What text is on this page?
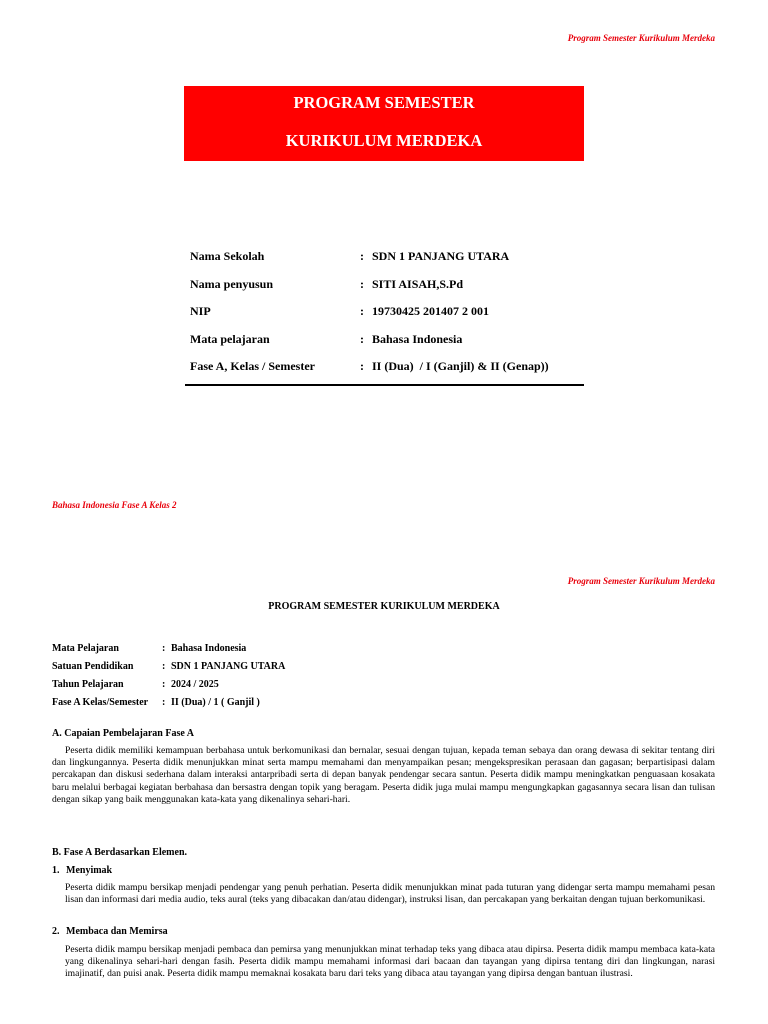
Program Semester Kurikulum Merdeka
PROGRAM SEMESTER
KURIKULUM MERDEKA
Nama Sekolah	: SDN 1 PANJANG UTARA
Nama penyusun	: SITI AISAH,S.Pd
NIP	: 19730425 201407 2 001
Mata pelajaran	: Bahasa Indonesia
Fase A, Kelas / Semester	: II (Dua)  / I (Ganjil) & II (Genap))
Bahasa Indonesia Fase A Kelas 2
Program Semester Kurikulum Merdeka
PROGRAM SEMESTER KURIKULUM MERDEKA
Mata Pelajaran	: Bahasa Indonesia
Satuan Pendidikan	: SDN 1 PANJANG UTARA
Tahun Pelajaran	: 2024 / 2025
Fase A Kelas/Semester	: II (Dua) / 1 ( Ganjil )
A. Capaian Pembelajaran Fase A
Peserta didik memiliki kemampuan berbahasa untuk berkomunikasi dan bernalar, sesuai dengan tujuan, kepada teman sebaya dan orang dewasa di sekitar tentang diri dan lingkungannya. Peserta didik menunjukkan minat serta mampu memahami dan menyampaikan pesan; mengekspresikan perasaan dan gagasan; berpartisipasi dalam percakapan dan diskusi sederhana dalam interaksi antarpribadi serta di depan banyak pendengar secara santun. Peserta didik mampu meningkatkan penguasaan kosakata baru melalui berbagai kegiatan berbahasa dan bersastra dengan topik yang beragam. Peserta didik juga mulai mampu mengungkapkan gagasannya secara lisan dan tulisan dengan sikap yang baik menggunakan kata-kata yang dikenalinya sehari-hari.
B. Fase A Berdasarkan Elemen.
1. Menyimak
Peserta didik mampu bersikap menjadi pendengar yang penuh perhatian. Peserta didik menunjukkan minat pada tuturan yang didengar serta mampu memahami pesan lisan dan informasi dari media audio, teks aural (teks yang dibacakan dan/atau didengar), instruksi lisan, dan percakapan yang berkaitan dengan tujuan berkomunikasi.
2. Membaca dan Memirsa
Peserta didik mampu bersikap menjadi pembaca dan pemirsa yang menunjukkan minat terhadap teks yang dibaca atau dipirsa. Peserta didik mampu membaca kata-kata yang dikenalinya sehari-hari dengan fasih. Peserta didik mampu memahami informasi dari bacaan dan tayangan yang dipirsa tentang diri dan lingkungan, narasi imajinatif, dan puisi anak. Peserta didik mampu memaknai kosakata baru dari teks yang dibaca atau tayangan yang dipirsa dengan bantuan ilustrasi.
